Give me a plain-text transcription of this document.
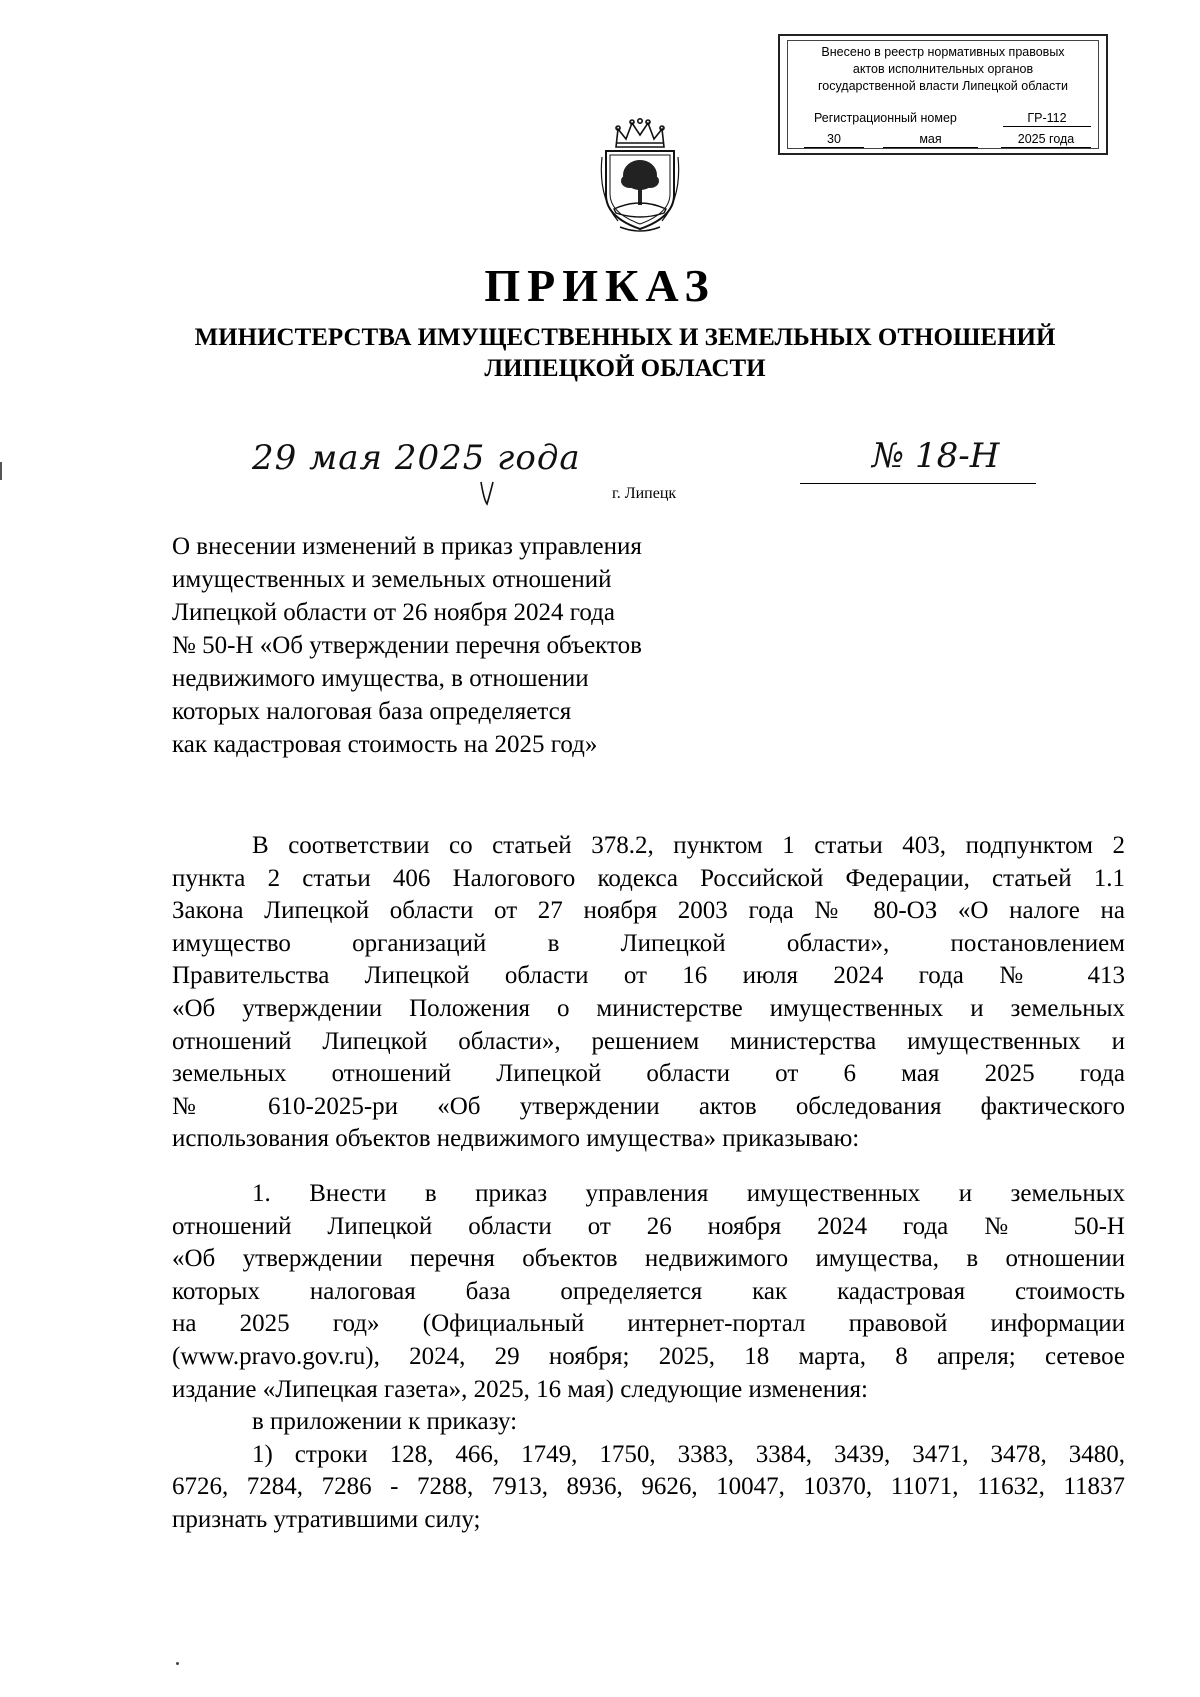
Внесено в реестр нормативных правовых
актов исполнительных органов
государственной власти Липецкой области
Регистрационный номер	ГР-112
30	мая	2025 года
ПРИКАЗ
МИНИСТЕРСТВА ИМУЩЕСТВЕННЫХ И ЗЕМЕЛЬНЫХ ОТНОШЕНИЙ
ЛИПЕЦКОЙ ОБЛАСТИ
29 мая 2025 года
г. Липецк
№ 18-Н
О внесении изменений в приказ управления
имущественных и земельных отношений
Липецкой области от 26 ноября 2024 года
№ 50-Н «Об утверждении перечня объектов
недвижимого имущества, в отношении
которых налоговая база определяется
как кадастровая стоимость на 2025 год»
В соответствии со статьей 378.2, пунктом 1 статьи 403, подпунктом 2
пункта 2 статьи 406 Налогового кодекса Российской Федерации, статьей 1.1
Закона Липецкой области от 27 ноября 2003 года № 80-ОЗ «О налоге на
имущество организаций в Липецкой области», постановлением
Правительства Липецкой области от 16 июля 2024 года № 413
«Об утверждении Положения о министерстве имущественных и земельных
отношений Липецкой области», решением министерства имущественных и
земельных отношений Липецкой области от 6 мая 2025 года
№ 610-2025-ри «Об утверждении актов обследования фактического
использования объектов недвижимого имущества» приказываю:
1. Внести в приказ управления имущественных и земельных
отношений Липецкой области от 26 ноября 2024 года № 50-Н
«Об утверждении перечня объектов недвижимого имущества, в отношении
которых налоговая база определяется как кадастровая стоимость
на 2025 год» (Официальный интернет-портал правовой информации
(www.pravo.gov.ru), 2024, 29 ноября; 2025, 18 марта, 8 апреля; сетевое
издание «Липецкая газета», 2025, 16 мая) следующие изменения:
в приложении к приказу:
1) строки 128, 466, 1749, 1750, 3383, 3384, 3439, 3471, 3478, 3480,
6726, 7284, 7286 - 7288, 7913, 8936, 9626, 10047, 10370, 11071, 11632, 11837
признать утратившими силу;
